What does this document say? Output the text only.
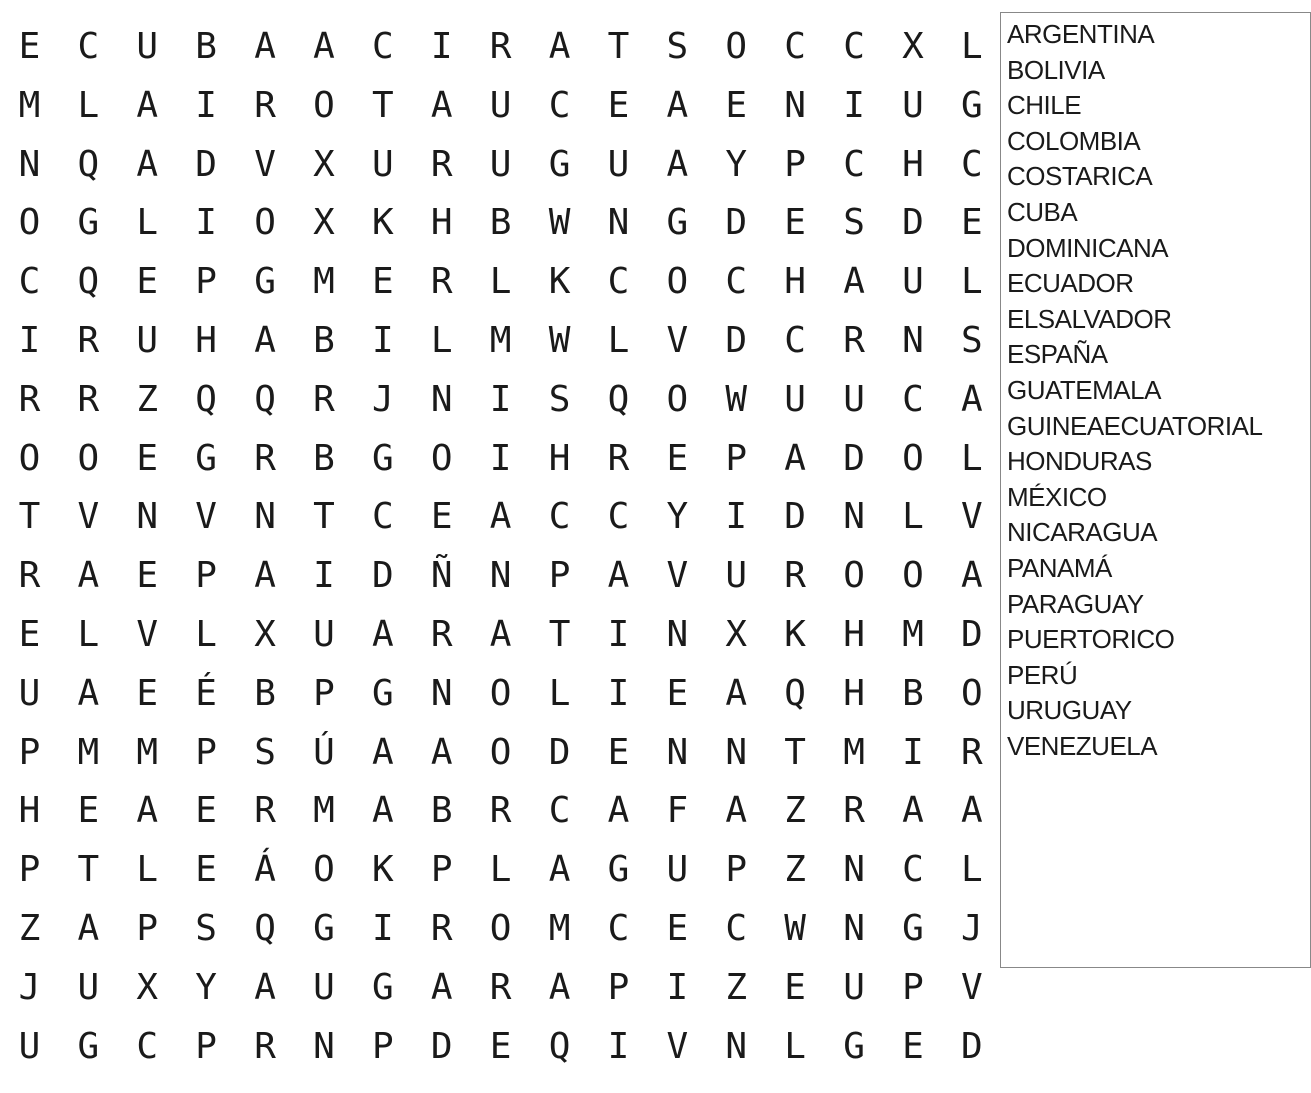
E	C	U	B	A	A	C	I	R	A	T	S	O	C	C	X	L
M	L	A	I	R	O	T	A	U	C	E	A	E	N	I	U	G
N	Q	A	D	V	X	U	R	U	G	U	A	Y	P	C	H	C
O	G	L	I	O	X	K	H	B	W	N	G	D	E	S	D	E
C	Q	E	P	G	M	E	R	L	K	C	O	C	H	A	U	L
I	R	U	H	A	B	I	L	M	W	L	V	D	C	R	N	S
R	R	Z	Q	Q	R	J	N	I	S	Q	O	W	U	U	C	A
O	O	E	G	R	B	G	O	I	H	R	E	P	A	D	O	L
T	V	N	V	N	T	C	E	A	C	C	Y	I	D	N	L	V
R	A	E	P	A	I	D	Ñ	N	P	A	V	U	R	O	O	A
E	L	V	L	X	U	A	R	A	T	I	N	X	K	H	M	D
U	A	E	É	B	P	G	N	O	L	I	E	A	Q	H	B	O
P	M	M	P	S	Ú	A	A	O	D	E	N	N	T	M	I	R
H	E	A	E	R	M	A	B	R	C	A	F	A	Z	R	A	A
P	T	L	E	Á	O	K	P	L	A	G	U	P	Z	N	C	L
Z	A	P	S	Q	G	I	R	O	M	C	E	C	W	N	G	J
J	U	X	Y	A	U	G	A	R	A	P	I	Z	E	U	P	V
U	G	C	P	R	N	P	D	E	Q	I	V	N	L	G	E	D
ARGENTINA
BOLIVIA
CHILE
COLOMBIA
COSTARICA
CUBA
DOMINICANA
ECUADOR
ELSALVADOR
ESPAÑA
GUATEMALA
GUINEAECUATORIAL
HONDURAS
MÉXICO
NICARAGUA
PANAMÁ
PARAGUAY
PUERTORICO
PERÚ
URUGUAY
VENEZUELA
